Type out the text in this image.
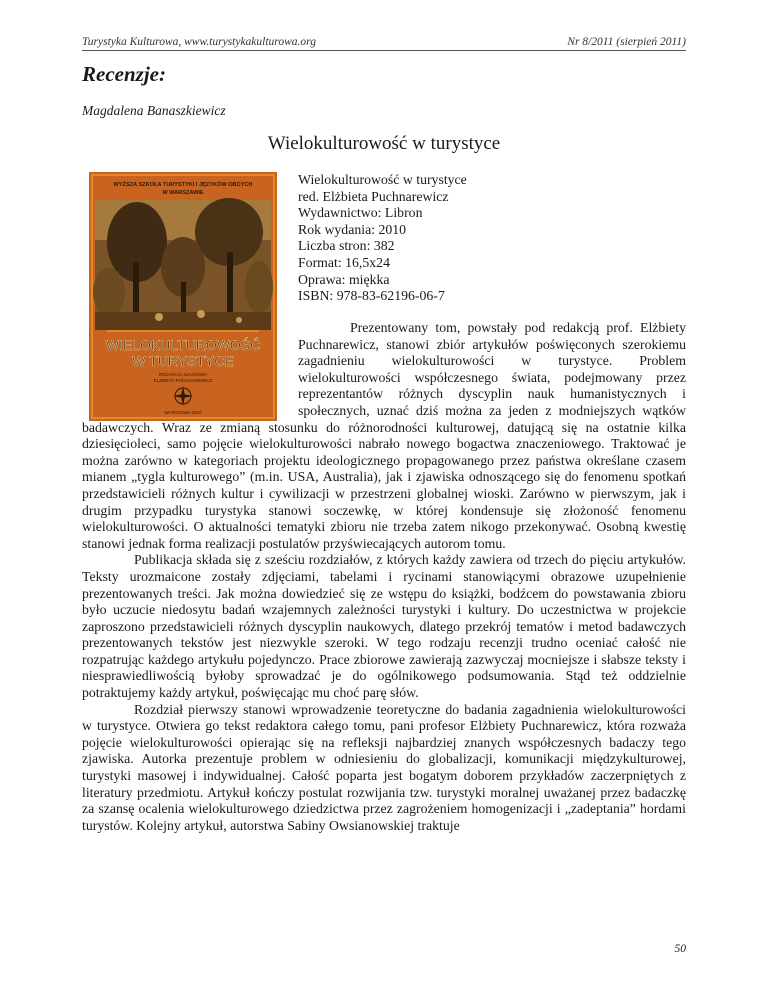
Turystyka Kulturowa, www.turystykakulturowa.org	Nr 8/2011 (sierpień 2011)
Recenzje:
Magdalena Banaszkiewicz
Wielokulturowość w turystyce
WYŻSZA SZKOŁA TURYSTYKI I JĘZYKÓW OBCYCH
W WARSZAWIE
WIELOKULTUROWOŚĆ
W TURYSTYCE
REDAKCJA NAUKOWA
ELŻBIETA PUCHNAREWICZ
WARSZAWA 2010
Wielokulturowość w turystyce
red. Elżbieta Puchnarewicz
Wydawnictwo: Libron
Rok wydania: 2010
Liczba stron: 382
Format: 16,5x24
Oprawa: miękka
ISBN: 978-83-62196-06-7

Prezentowany tom, powstały pod redakcją prof. Elżbiety Puchnarewicz, stanowi zbiór artykułów poświęconych szerokiemu zagadnieniu wielokulturowości w turystyce. Problem wielokulturowości współczesnego świata, podejmowany przez reprezentantów różnych dyscyplin nauk humanistycznych i społecznych, uznać dziś można za jeden z modniejszych wątków badawczych. Wraz ze zmianą stosunku do różnorodności kulturowej, datującą się na ostatnie kilka dziesięcioleci, samo pojęcie wielokulturowości nabrało nowego bogactwa znaczeniowego. Traktować je można zarówno w kategoriach projektu ideologicznego propagowanego przez państwa określane czasem mianem „tygla kulturowego” (m.in. USA, Australia), jak i zjawiska odnoszącego się do fenomenu spotkań przedstawicieli różnych kultur i cywilizacji w przestrzeni globalnej wioski. Zarówno w pierwszym, jak i drugim przypadku turystyka stanowi soczewkę, w której kondensuje się złożoność fenomenu wielokulturowości. O aktualności tematyki zbioru nie trzeba zatem nikogo przekonywać. Osobną kwestię stanowi jednak forma realizacji postulatów przyświecających autorom tomu.

Publikacja składa się z sześciu rozdziałów, z których każdy zawiera od trzech do pięciu artykułów. Teksty urozmaicone zostały zdjęciami, tabelami i rycinami stanowiącymi obrazowe uzupełnienie prezentowanych treści. Jak można dowiedzieć się ze wstępu do książki, bodźcem do powstawania zbioru było uczucie niedosytu badań wzajemnych zależności turystyki i kultury. Do uczestnictwa w projekcie zaproszono przedstawicieli różnych dyscyplin naukowych, dlatego przekrój tematów i metod badawczych prezentowanych tekstów jest niezwykle szeroki. W tego rodzaju recenzji trudno oceniać całość nie rozpatrując każdego artykułu pojedynczo. Prace zbiorowe zawierają zazwyczaj mocniejsze i słabsze teksty i niesprawiedliwością byłoby sprowadzać je do ogólnikowego podsumowania. Stąd też oddzielnie potraktujemy każdy artykuł, poświęcając mu choć parę słów.

Rozdział pierwszy stanowi wprowadzenie teoretyczne do badania zagadnienia wielokulturowości w turystyce. Otwiera go tekst redaktora całego tomu, pani profesor Elżbiety Puchnarewicz, która rozważa pojęcie wielokulturowości opierając się na refleksji najbardziej znanych współczesnych badaczy tego zjawiska. Autorka prezentuje problem w odniesieniu do globalizacji, komunikacji międzykulturowej, turystyki masowej i indywidualnej. Całość poparta jest bogatym doborem przykładów zaczerpniętych z literatury przedmiotu. Artykuł kończy postulat rozwijania tzw. turystyki moralnej uważanej przez badaczkę za szansę ocalenia wielokulturowego dziedzictwa przez zagrożeniem homogenizacji i „zadeptania” hordami turystów. Kolejny artykuł, autorstwa Sabiny Owsianowskiej traktuje

50
